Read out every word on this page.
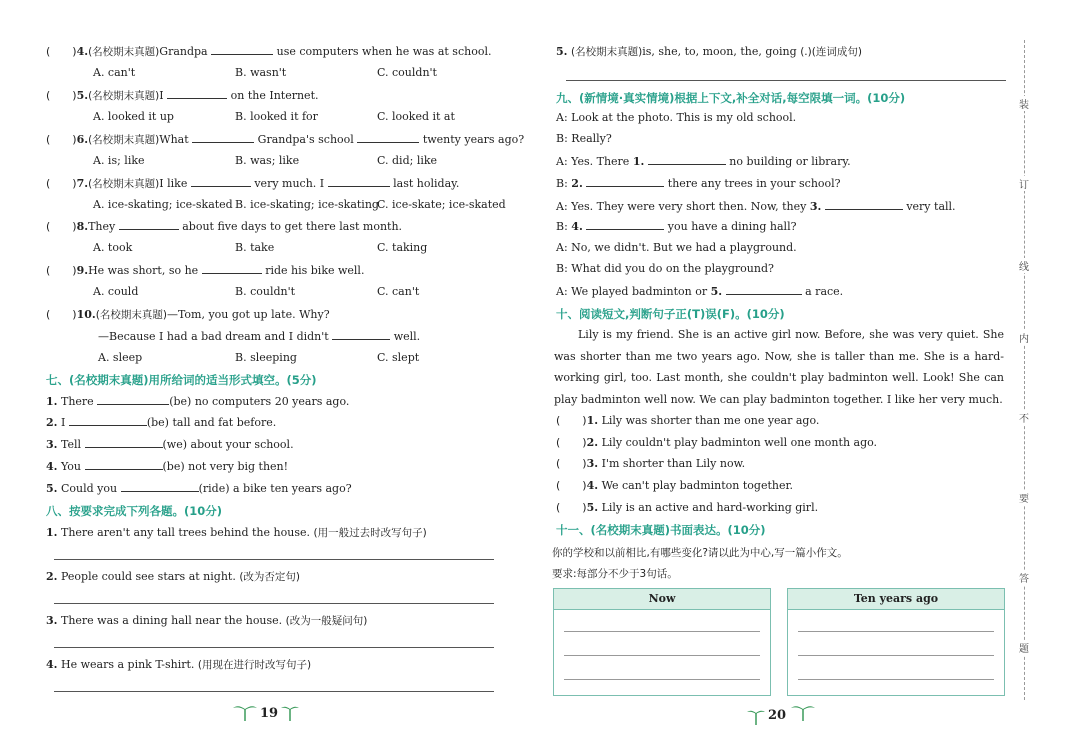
( )4.(名校期末真题)Grandpa	use computers when he was at school.
A. can't	B. wasn't	C. couldn't
( )5.(名校期末真题)I	on the Internet.
A. looked it up	B. looked it for	C. looked it at
( )6.(名校期末真题)What	Grandpa's school	twenty years ago?
A. is; like	B. was; like	C. did; like
( )7.(名校期末真题)I like	very much. I	last holiday.
A. ice-skating; ice-skated B. ice-skating; ice-skating
C. ice-skate; ice-skated
( )8.They	about five days to get there last month.
A. took	B. take	C. taking
( )9.He was short, so he	ride his bike well.
A. could	B. couldn't	C. can't
( )10.(名校期末真题)—Tom, you got up late. Why?
—Because I had a bad dream and I didn't	well.
A. sleep	B. sleeping	C. slept
七、(名校期末真题)用所给词的适当形式填空。(5分)
1. There	(be) no computers 20 years ago.
2. I	(be) tall and fat before.
3. Tell	(we) about your school.
4. You	(be) not very big then!
5. Could you	(ride) a bike ten years ago?
八、按要求完成下列各题。(10分)
1. There aren't any tall trees behind the house. (用一般过去时改写句子)
2. People could see stars at night. (改为否定句)
3. There was a dining hall near the house. (改为一般疑问句)
4. He wears a pink T-shirt. (用现在进行时改写句子)
19
5. (名校期末真题)is, she, to, moon, the, going (.)(连词成句)
九、(新情境·真实情境)根据上下文,补全对话,每空限填一词。(10分)
A: Look at the photo. This is my old school.
B: Really?
A: Yes. There 1.	no building or library.
B: 2.	there any trees in your school?
A: Yes. They were very short then. Now, they 3.	very tall.
B: 4.	you have a dining hall?
A: No, we didn't. But we had a playground.
B: What did you do on the playground?
A: We played badminton or 5.	a race.
十、阅读短文,判断句子正(T)误(F)。(10分)
Lily is my friend. She is an active girl now. Before, she was very quiet. She was shorter than me two years ago. Now, she is taller than me. She is a hard-working girl, too. Last month, she couldn't play badminton well. Look! She can play badminton well now. We can play badminton together. I like her very much.
( )1. Lily was shorter than me one year ago.
( )2. Lily couldn't play badminton well one month ago.
( )3. I'm shorter than Lily now.
( )4. We can't play badminton together.
( )5. Lily is an active and hard-working girl.
十一、(名校期末真题)书面表达。(10分)
你的学校和以前相比,有哪些变化?请以此为中心,写一篇小作文。
要求:每部分不少于3句话。
Now	Ten years ago
20
装
订
线
内
不
要
答
题
